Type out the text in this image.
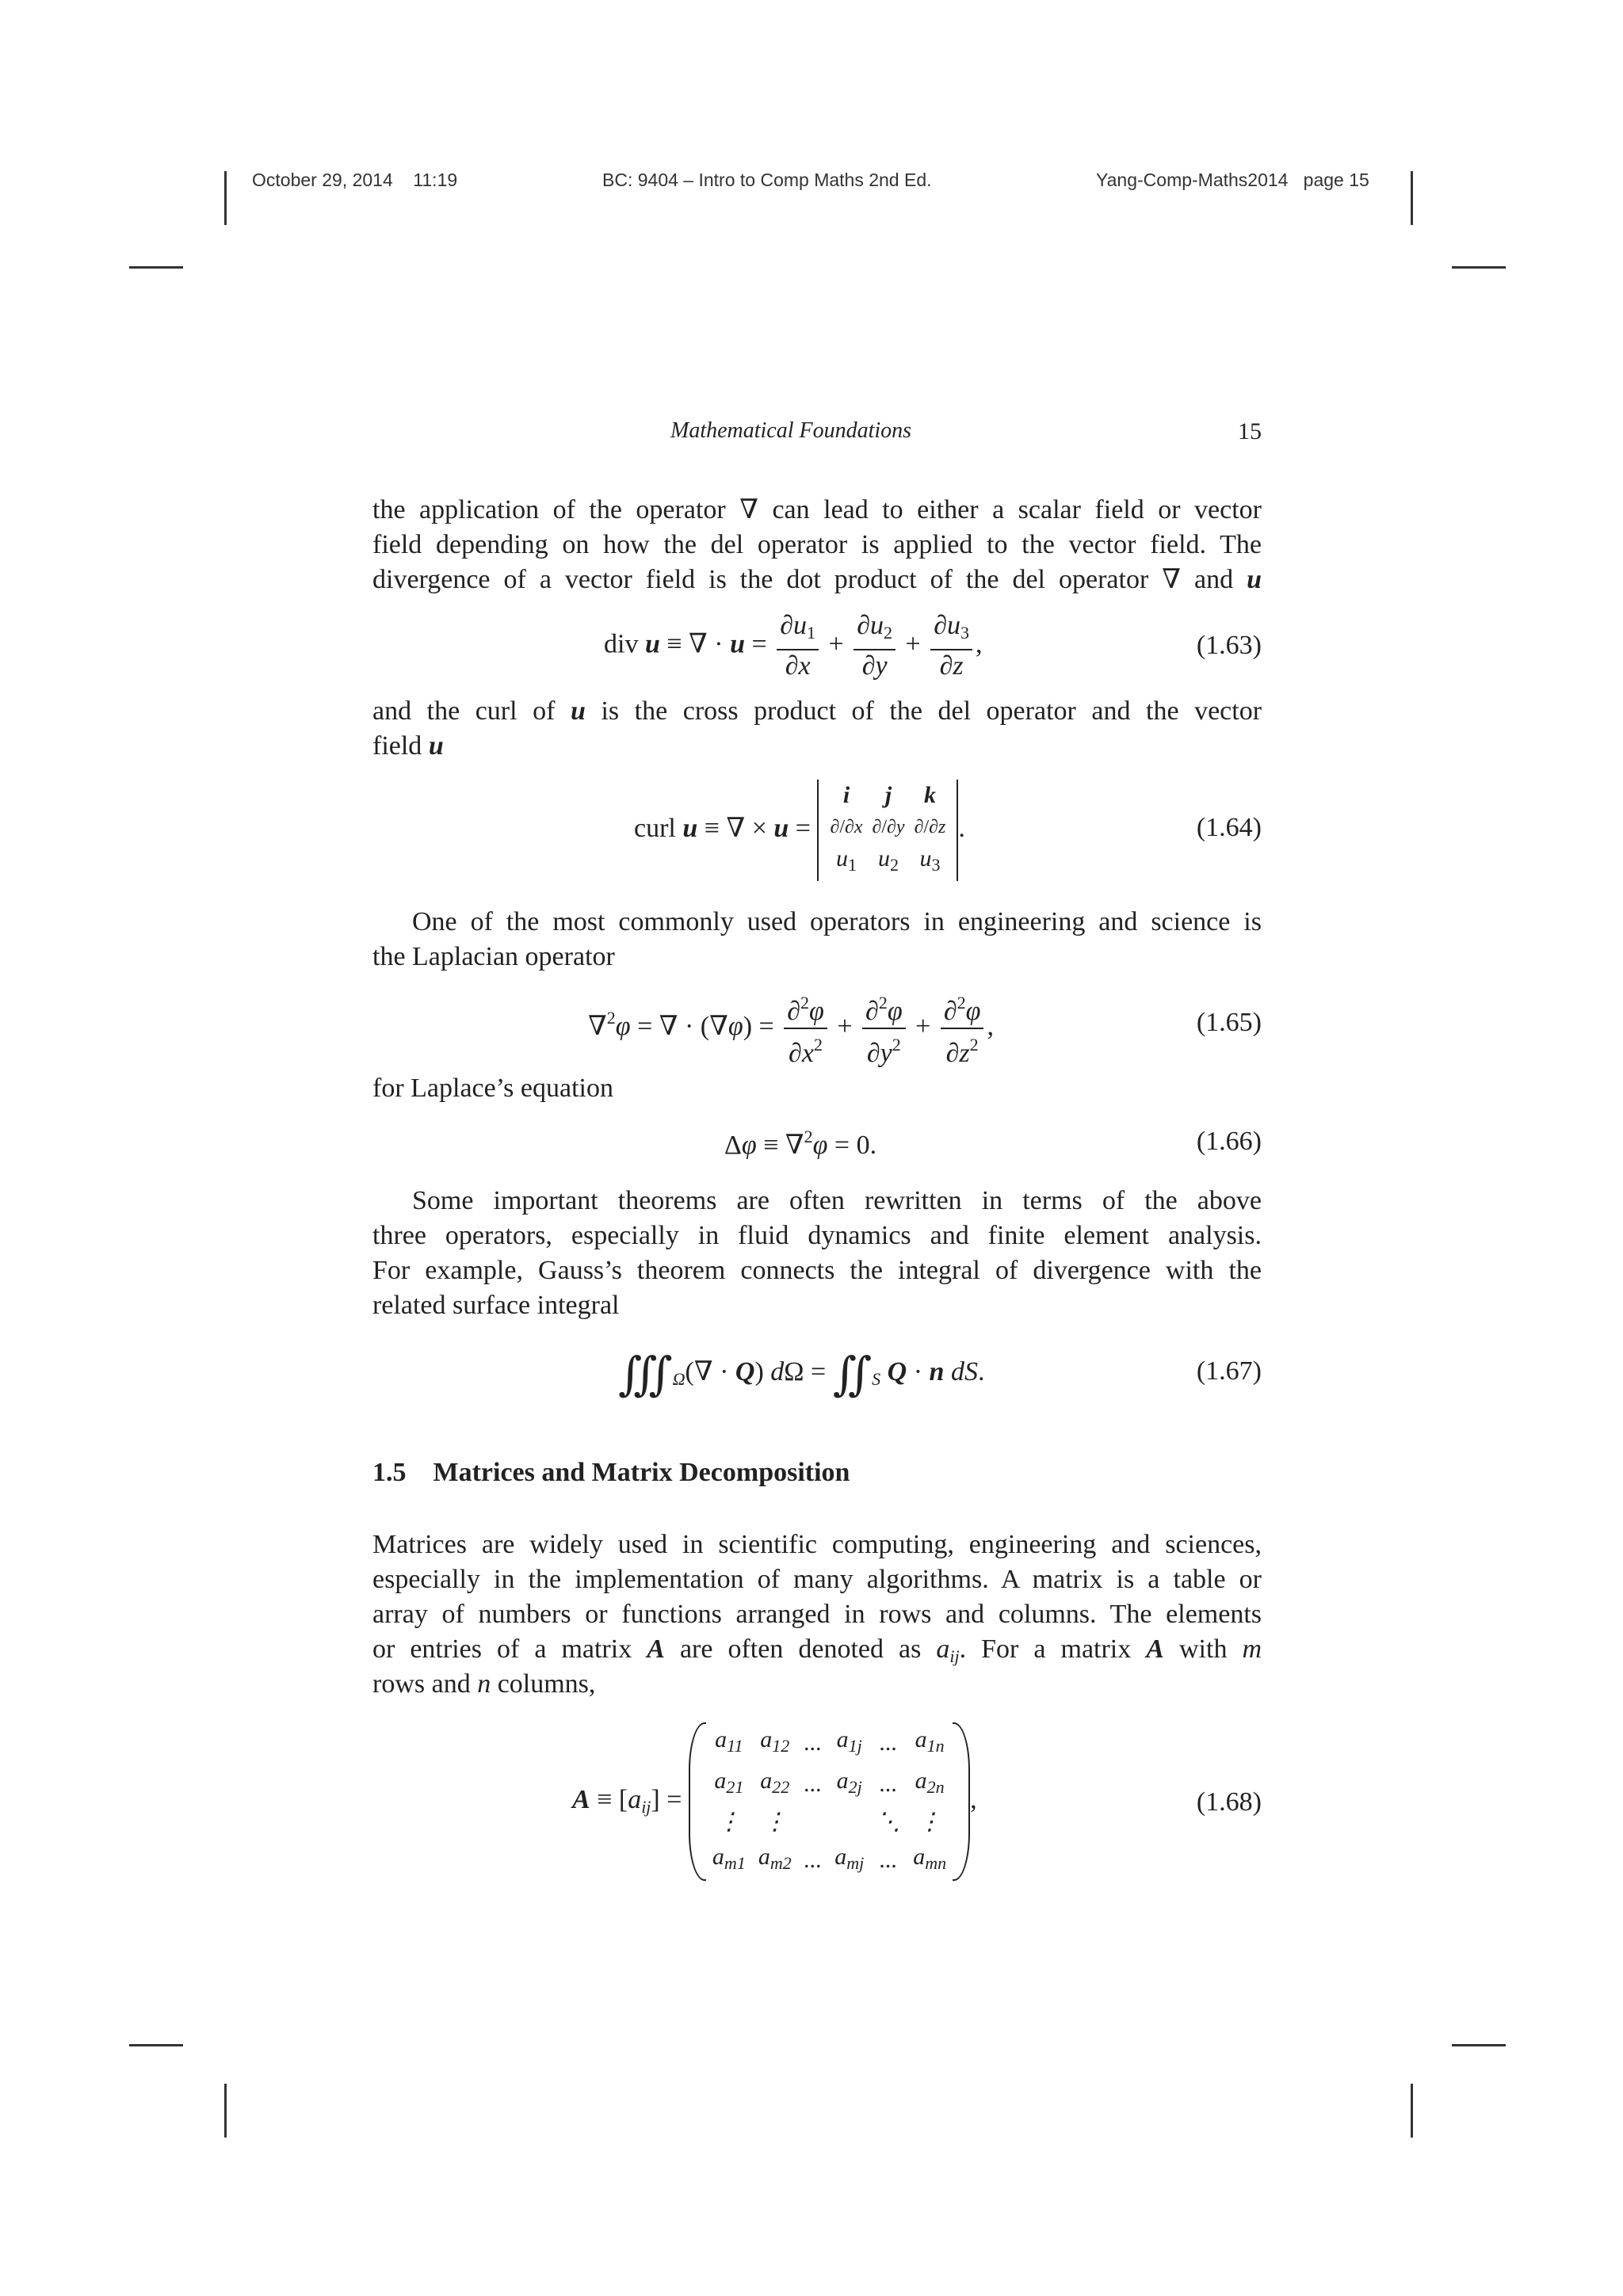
October 29, 2014 11:19	BC: 9404 – Intro to Comp Maths 2nd Ed.	Yang-Comp-Maths2014 page 15
Mathematical Foundations	15
the application of the operator ∇ can lead to either a scalar field or vector
field depending on how the del operator is applied to the vector field. The
divergence of a vector field is the dot product of the del operator ∇ and u
div u ≡ ∇ · $u = \frac{\partial u_1}{\partial x} + \frac{\partial u_2}{\partial y} + \frac{\partial u_3}{\partial z}$ ,	(1.63)
and the curl of u is the cross product of the del operator and the vector
field u
curl u ≡ ∇ × u =
i	j	k
∂/∂x	∂/∂y	∂/∂z
$u_1$	$u_2$	$u_3$
.	(1.64)
One of the most commonly used operators in engineering and science is
the Laplacian operator
∇$^2$φ = ∇ · $(\nabla\varphi) = \frac{\partial^2\varphi}{\partial x^2} + \frac{\partial^2\varphi}{\partial y^2} + \frac{\partial^2\varphi}{\partial z^2}$ ,	(1.65)
for Laplace’s equation
Δφ ≡ ∇$^2$φ = 0.	(1.66)
Some important theorems are often rewritten in terms of the above
three operators, especially in fluid dynamics and finite element analysis.
For example, Gauss’s theorem connects the integral of divergence with the
related surface integral
$∭_\Omega(\nabla \cdot Q) d\Omega$ = $∬_S$ Q · n dS.	(1.67)
1.5 Matrices and Matrix Decomposition
Matrices are widely used in scientific computing, engineering and sciences,
especially in the implementation of many algorithms. A matrix is a table or
array of numbers or functions arranged in rows and columns. The elements
or entries of a matrix A are often denoted as $a_{ij}$. For a matrix A with m
rows and n columns,
$A \equiv [a_{ij}]$ =
$a_{11}$	$a_{12}$	...	$a_{1j}$	...	$a_{1n}$
$a_{21}$	$a_{22}$	...	$a_{2j}$	...	$a_{2n}$
⋮	⋮			⋱	⋮
$a_{m1}$	$a_{m2}$	...	$a_{mj}$	...	$a_{mn}$
,	(1.68)
